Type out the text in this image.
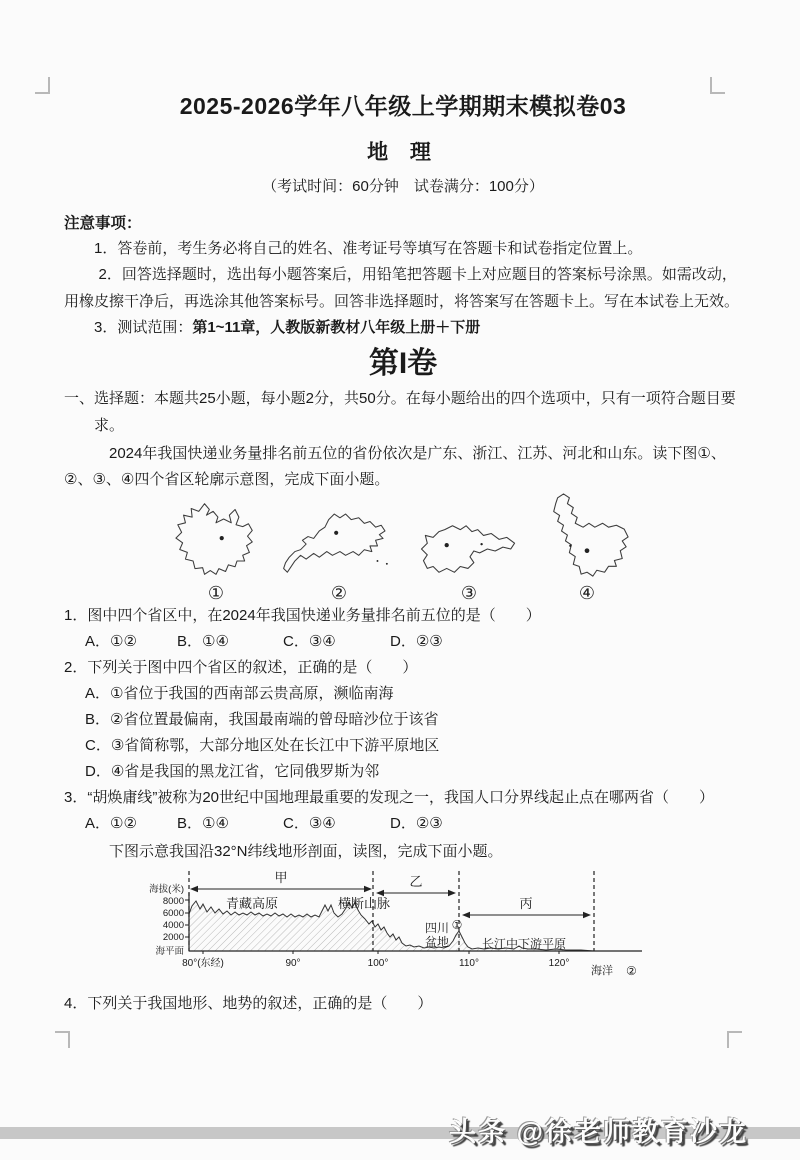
2025-2026学年八年级上学期期末模拟卷03
地 理
（考试时间：60分钟　试卷满分：100分）
注意事项：

1．答卷前，考生务必将自己的姓名、准考证号等填写在答题卡和试卷指定位置上。

2．回答选择题时，选出每小题答案后，用铅笔把答题卡上对应题目的答案标号涂黑。如需改动，用橡皮擦干净后，再选涂其他答案标号。回答非选择题时，将答案写在答题卡上。写在本试卷上无效。

3．测试范围：第1~11章，人教版新教材八年级上册＋下册

第I卷

一、选择题：本题共25小题，每小题2分，共50分。在每小题给出的四个选项中，只有一项符合题目要求。

2024年我国快递业务量排名前五位的省份依次是广东、浙江、江苏、河北和山东。读下图①、②、③、④四个省区轮廓示意图，完成下面小题。

①	②	③	④

1．图中四个省区中，在2024年我国快递业务量排名前五位的是（　　）

A．①②	B．①④	C．③④	D．②③

2．下列关于图中四个省区的叙述，正确的是（　　）

A．①省位于我国的西南部云贵高原，濒临南海

B．②省位置最偏南，我国最南端的曾母暗沙位于该省

C．③省简称鄂，大部分地区处在长江中下游平原地区

D．④省是我国的黑龙江省，它同俄罗斯为邻

3．“胡焕庸线”被称为20世纪中国地理最重要的发现之一，我国人口分界线起止点在哪两省（　　）

A．①②	B．①④	C．③④	D．②③

下图示意我国沿32°N纬线地形剖面，读图，完成下面小题。

海拔(米)
8000
6000
4000
2000
海平面
80°(东经)	90°	100°	110°	120°
海洋 ②
甲	乙
丙
青藏高原	横断山脉
四川
盆地
①
长江中下游平原

4．下列关于我国地形、地势的叙述，正确的是（　　）

头条 @徐老师教育沙龙
